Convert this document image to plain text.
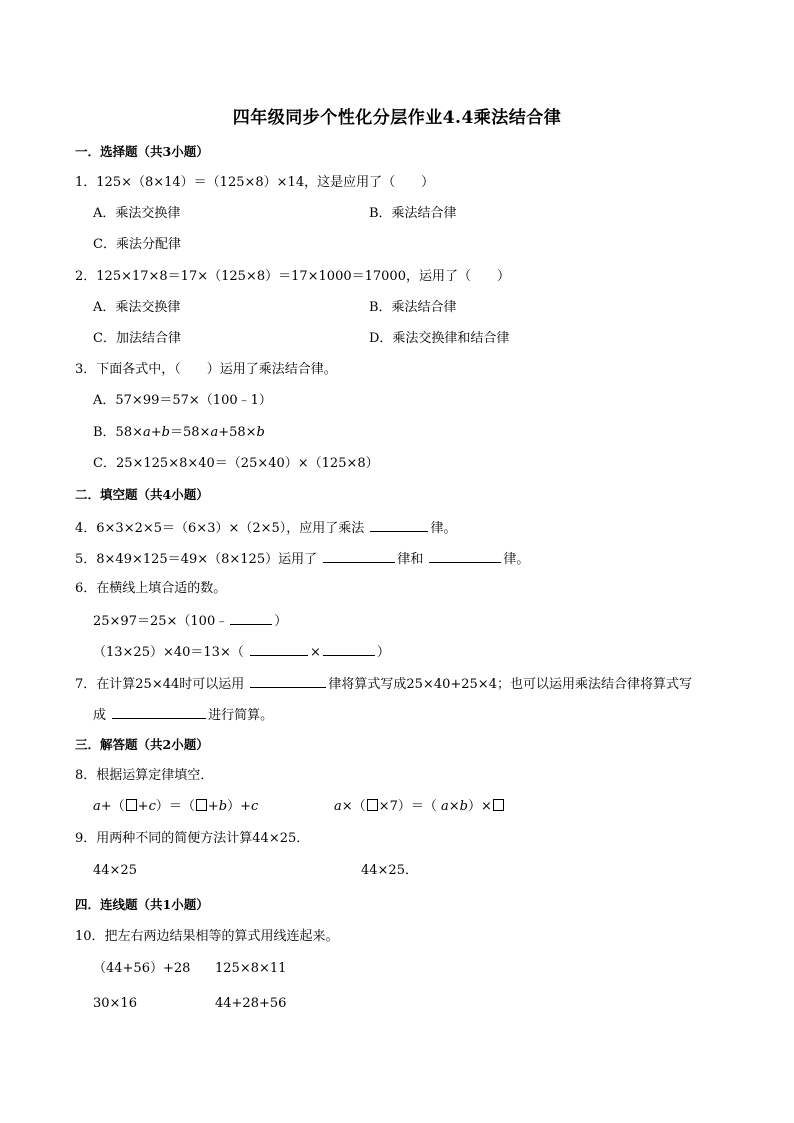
四年级同步个性化分层作业4.4乘法结合律
一．选择题（共3小题）
1．125×（8×14）＝（125×8）×14，这是应用了（　　）
A．乘法交换律	B．乘法结合律
C．乘法分配律
2．125×17×8＝17×（125×8）＝17×1000＝17000，运用了（　　）
A．乘法交换律	B．乘法结合律
C．加法结合律	D．乘法交换律和结合律
3．下面各式中，（　　）运用了乘法结合律。
A．57×99＝57×（100﹣1）
B．58×a+b＝58×a+58×b
C．25×125×8×40＝（25×40）×（125×8）
二．填空题（共4小题）
4．6×3×2×5＝（6×3）×（2×5），应用了乘法	律。
5．8×49×125＝49×（8×125）运用了	律和	律。
6．在横线上填合适的数。
25×97＝25×（100﹣	）
（13×25）×40＝13×（	×	）
7．在计算25×44时可以运用	律将算式写成25×40+25×4；也可以运用乘法结合律将算式写
成	进行简算。
三．解答题（共2小题）
8．根据运算定律填空．
a+（ +c）＝（ +b）+c	a×（ ×7）＝（ a×b）×
9．用两种不同的简便方法计算44×25．
44×25	44×25．
四．连线题（共1小题）
10．把左右两边结果相等的算式用线连起来。
（44+56）+28 125×8×11
30×16	44+28+56
